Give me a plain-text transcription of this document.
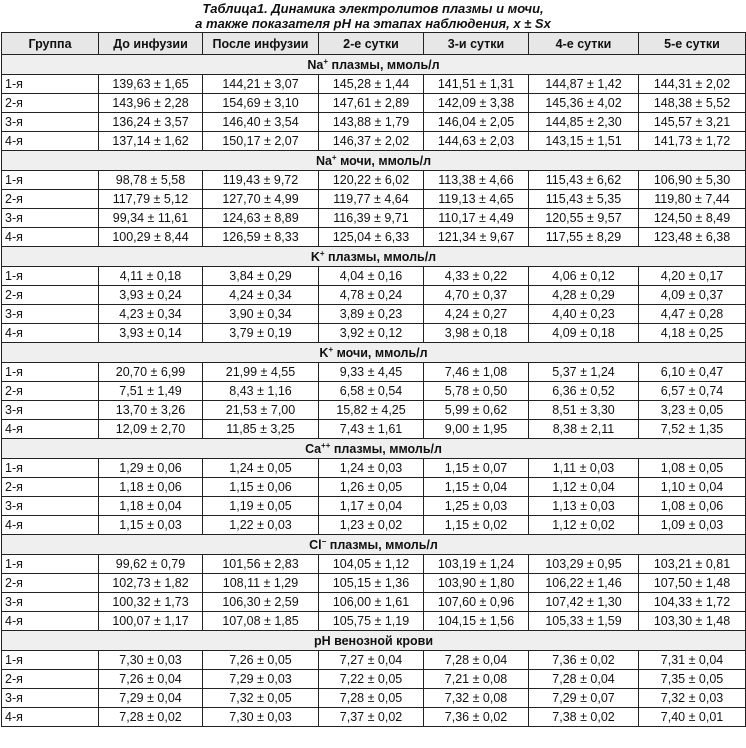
Таблица1. Динамика электролитов плазмы и мочи,
а также показателя pH на этапах наблюдения, x ± Sx
Группа	До инфузии	После инфузии	2-е сутки	3-и сутки	4-е сутки	5-е сутки
Na+ плазмы, ммоль/л						
1-я	139,63 ± 1,65	144,21 ± 3,07	145,28 ± 1,44	141,51 ± 1,31	144,87 ± 1,42	144,31 ± 2,02
2-я	143,96 ± 2,28	154,69 ± 3,10	147,61 ± 2,89	142,09 ± 3,38	145,36 ± 4,02	148,38 ± 5,52
3-я	136,24 ± 3,57	146,40 ± 3,54	143,88 ± 1,79	146,04 ± 2,05	144,85 ± 2,30	145,57 ± 3,21
4-я	137,14 ± 1,62	150,17 ± 2,07	146,37 ± 2,02	144,63 ± 2,03	143,15 ± 1,51	141,73 ± 1,72
Na+ мочи, ммоль/л						
1-я	98,78 ± 5,58	119,43 ± 9,72	120,22 ± 6,02	113,38 ± 4,66	115,43 ± 6,62	106,90 ± 5,30
2-я	117,79 ± 5,12	127,70 ± 4,99	119,77 ± 4,64	119,13 ± 4,65	115,43 ± 5,35	119,80 ± 7,44
3-я	99,34 ± 11,61	124,63 ± 8,89	116,39 ± 9,71	110,17 ± 4,49	120,55 ± 9,57	124,50 ± 8,49
4-я	100,29 ± 8,44	126,59 ± 8,33	125,04 ± 6,33	121,34 ± 9,67	117,55 ± 8,29	123,48 ± 6,38
K+ плазмы, ммоль/л						
1-я	4,11 ± 0,18	3,84 ± 0,29	4,04 ± 0,16	4,33 ± 0,22	4,06 ± 0,12	4,20 ± 0,17
2-я	3,93 ± 0,24	4,24 ± 0,34	4,78 ± 0,24	4,70 ± 0,37	4,28 ± 0,29	4,09 ± 0,37
3-я	4,23 ± 0,34	3,90 ± 0,34	3,89 ± 0,23	4,24 ± 0,27	4,40 ± 0,23	4,47 ± 0,28
4-я	3,93 ± 0,14	3,79 ± 0,19	3,92 ± 0,12	3,98 ± 0,18	4,09 ± 0,18	4,18 ± 0,25
K+ мочи, ммоль/л						
1-я	20,70 ± 6,99	21,99 ± 4,55	9,33 ± 4,45	7,46 ± 1,08	5,37 ± 1,24	6,10 ± 0,47
2-я	7,51 ± 1,49	8,43 ± 1,16	6,58 ± 0,54	5,78 ± 0,50	6,36 ± 0,52	6,57 ± 0,74
3-я	13,70 ± 3,26	21,53 ± 7,00	15,82 ± 4,25	5,99 ± 0,62	8,51 ± 3,30	3,23 ± 0,05
4-я	12,09 ± 2,70	11,85 ± 3,25	7,43 ± 1,61	9,00 ± 1,95	8,38 ± 2,11	7,52 ± 1,35
Ca++ плазмы, ммоль/л						
1-я	1,29 ± 0,06	1,24 ± 0,05	1,24 ± 0,03	1,15 ± 0,07	1,11 ± 0,03	1,08 ± 0,05
2-я	1,18 ± 0,06	1,15 ± 0,06	1,26 ± 0,05	1,15 ± 0,04	1,12 ± 0,04	1,10 ± 0,04
3-я	1,18 ± 0,04	1,19 ± 0,05	1,17 ± 0,04	1,25 ± 0,03	1,13 ± 0,03	1,08 ± 0,06
4-я	1,15 ± 0,03	1,22 ± 0,03	1,23 ± 0,02	1,15 ± 0,02	1,12 ± 0,02	1,09 ± 0,03
Cl− плазмы, ммоль/л						
1-я	99,62 ± 0,79	101,56 ± 2,83	104,05 ± 1,12	103,19 ± 1,24	103,29 ± 0,95	103,21 ± 0,81
2-я	102,73 ± 1,82	108,11 ± 1,29	105,15 ± 1,36	103,90 ± 1,80	106,22 ± 1,46	107,50 ± 1,48
3-я	100,32 ± 1,73	106,30 ± 2,59	106,00 ± 1,61	107,60 ± 0,96	107,42 ± 1,30	104,33 ± 1,72
4-я	100,07 ± 1,17	107,08 ± 1,85	105,75 ± 1,19	104,15 ± 1,56	105,33 ± 1,59	103,30 ± 1,48
pH венозной крови						
1-я	7,30 ± 0,03	7,26 ± 0,05	7,27 ± 0,04	7,28 ± 0,04	7,36 ± 0,02	7,31 ± 0,04
2-я	7,26 ± 0,04	7,29 ± 0,03	7,22 ± 0,05	7,21 ± 0,08	7,28 ± 0,04	7,35 ± 0,05
3-я	7,29 ± 0,04	7,32 ± 0,05	7,28 ± 0,05	7,32 ± 0,08	7,29 ± 0,07	7,32 ± 0,03
4-я	7,28 ± 0,02	7,30 ± 0,03	7,37 ± 0,02	7,36 ± 0,02	7,38 ± 0,02	7,40 ± 0,01
